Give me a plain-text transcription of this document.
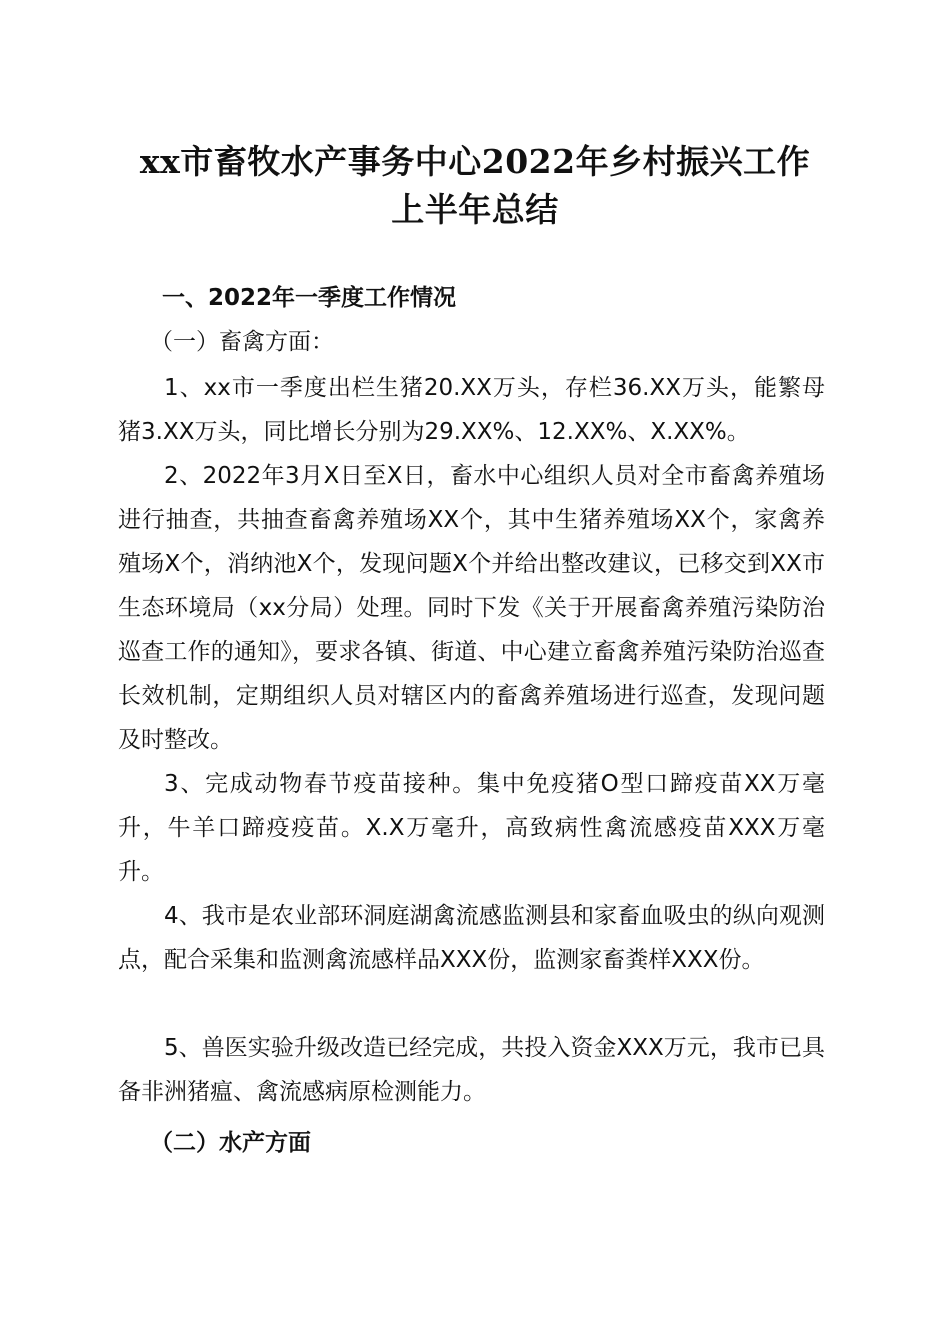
xx市畜牧水产事务中心2022年乡村振兴工作
上半年总结

一、2022年一季度工作情况

（一）畜禽方面：

1、xx市一季度出栏生猪20.XX万头，存栏36.XX万头，能繁母猪3.XX万头，同比增长分别为29.XX%、12.XX%、X.XX%。

2、2022年3月X日至X日，畜水中心组织人员对全市畜禽养殖场进行抽查，共抽查畜禽养殖场XX个，其中生猪养殖场XX个，家禽养殖场X个，消纳池X个，发现问题X个并给出整改建议，已移交到XX市生态环境局（xx分局）处理。同时下发《关于开展畜禽养殖污染防治巡查工作的通知》，要求各镇、街道、中心建立畜禽养殖污染防治巡查长效机制，定期组织人员对辖区内的畜禽养殖场进行巡查，发现问题及时整改。

3、完成动物春节疫苗接种。集中免疫猪O型口蹄疫苗XX万毫升，牛羊口蹄疫疫苗。X.X万毫升，高致病性禽流感疫苗XXX万毫升。

4、我市是农业部环洞庭湖禽流感监测县和家畜血吸虫的纵向观测点，配合采集和监测禽流感样品XXX份，监测家畜粪样XXX份。

5、兽医实验升级改造已经完成，共投入资金XXX万元，我市已具备非洲猪瘟、禽流感病原检测能力。

（二）水产方面
